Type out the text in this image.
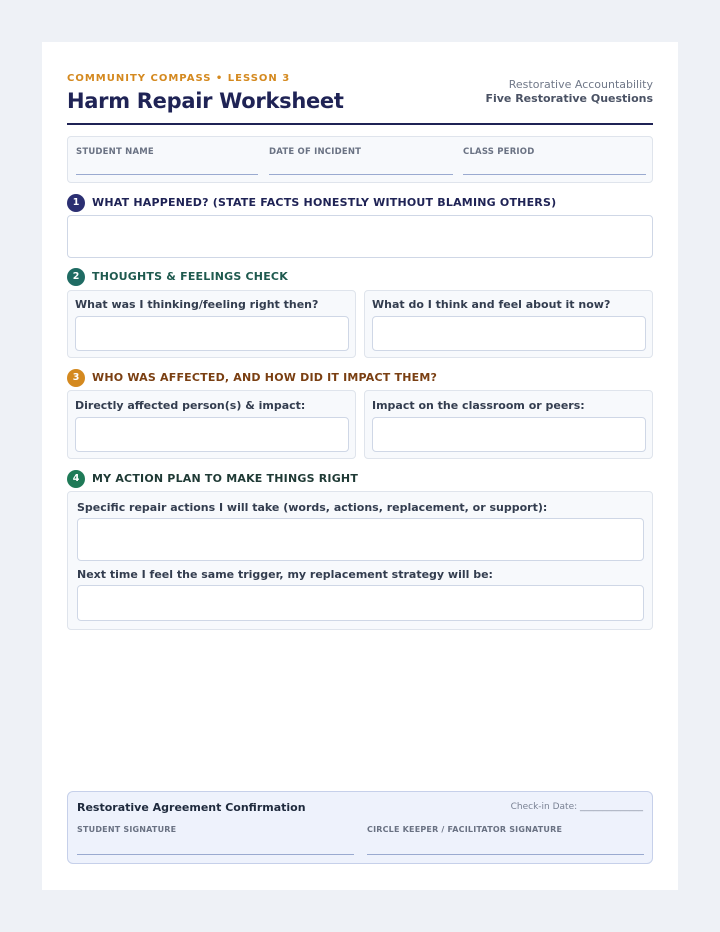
COMMUNITY COMPASS • LESSON 3
Harm Repair Worksheet
Restorative Accountability
Five Restorative Questions
STUDENT NAME	DATE OF INCIDENT	CLASS PERIOD
1	WHAT HAPPENED? (STATE FACTS HONESTLY WITHOUT BLAMING OTHERS)
2	THOUGHTS & FEELINGS CHECK
What was I thinking/feeling right then?	What do I think and feel about it now?
3	WHO WAS AFFECTED, AND HOW DID IT IMPACT THEM?
Directly affected person(s) & impact:	Impact on the classroom or peers:
4	MY ACTION PLAN TO MAKE THINGS RIGHT
Specific repair actions I will take (words, actions, replacement, or support):
Next time I feel the same trigger, my replacement strategy will be:
Restorative Agreement Confirmation	Check-in Date: ______________
STUDENT SIGNATURE	CIRCLE KEEPER / FACILITATOR SIGNATURE
